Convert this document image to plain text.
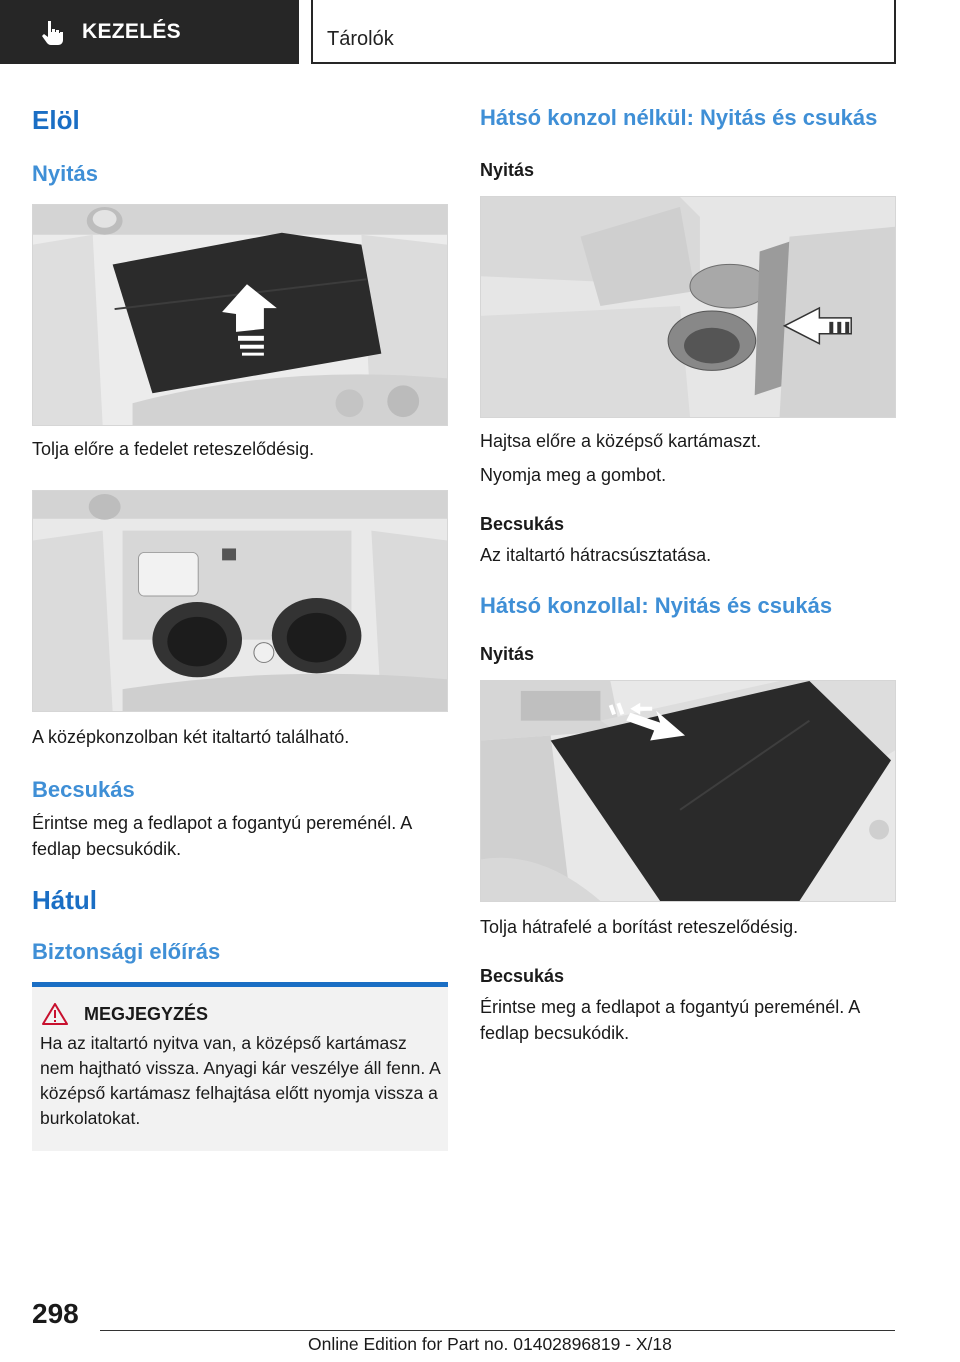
KEZELÉS	Tárolók
Elöl
Nyitás
Tolja előre a fedelet reteszelődésig.
A középkonzolban két italtartó található.
Becsukás
Érintse meg a fedlapot a fogantyú pereménél. A fedlap becsukódik.
Hátul
Biztonsági előírás
MEGJEGYZÉS
Ha az italtartó nyitva van, a középső kartámasz nem hajtható vissza. Anyagi kár veszélye áll fenn. A középső kartámasz felhajtása előtt nyomja vissza a burkolatokat.
Hátsó konzol nélkül: Nyitás és csukás
Nyitás
Hajtsa előre a középső kartámaszt.
Nyomja meg a gombot.
Becsukás
Az italtartó hátracsúsztatása.
Hátsó konzollal: Nyitás és csukás
Nyitás
Tolja hátrafelé a borítást reteszelődésig.
Becsukás
Érintse meg a fedlapot a fogantyú pereménél. A fedlap becsukódik.
298
Online Edition for Part no. 01402896819 - X/18
